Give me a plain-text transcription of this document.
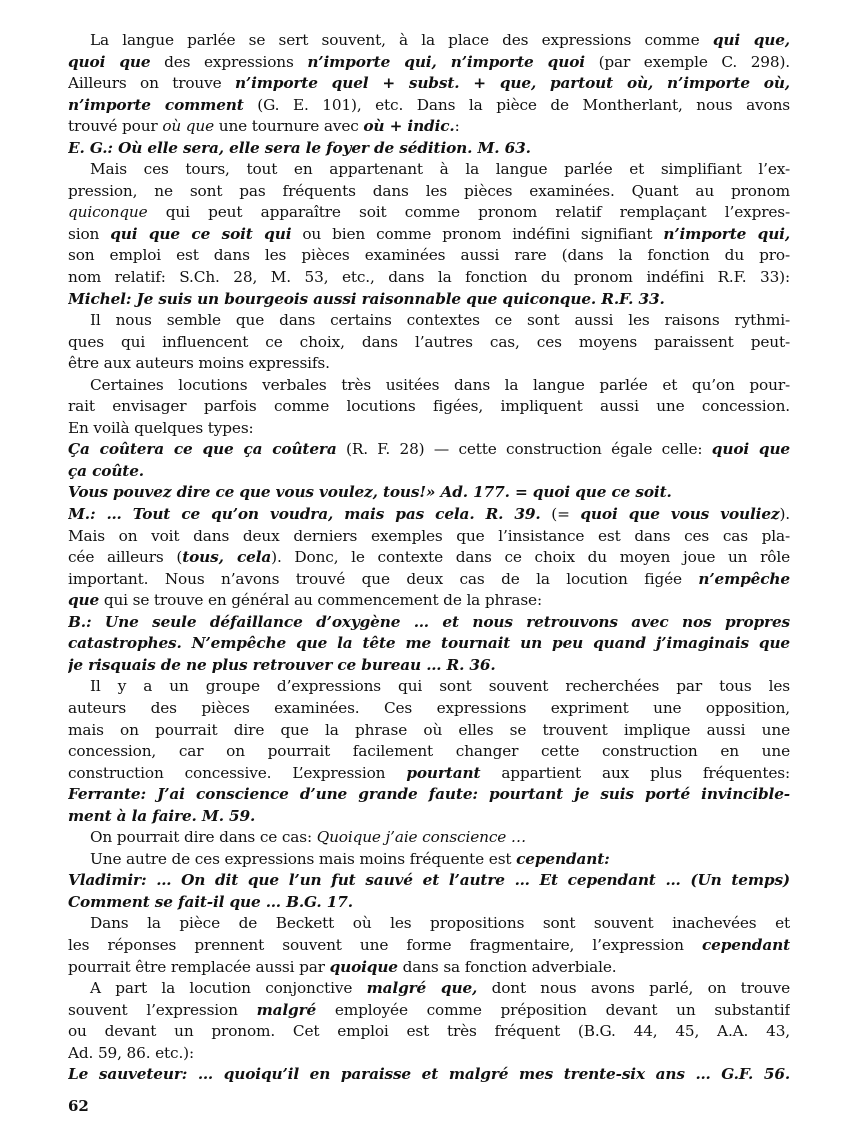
La langue parlée se sert souvent, à la place des expressions comme qui que,
quoi que des expressions n’importe qui, n’importe quoi (par exemple C. 298).
Ailleurs on trouve n’importe quel + subst. + que, partout où, n’importe où,
n’importe comment (G. E. 101), etc. Dans la pièce de Montherlant, nous avons
trouvé pour où que une tournure avec où + indic.:
E. G.: Où elle sera, elle sera le foyer de sédition. M. 63.
Mais ces tours, tout en appartenant à la langue parlée et simplifiant l’ex-
pression, ne sont pas fréquents dans les pièces examinées. Quant au pronom
quiconque qui peut apparaître soit comme pronom relatif remplaçant l’expres-
sion qui que ce soit qui ou bien comme pronom indéfini signifiant n’importe qui,
son emploi est dans les pièces examinées aussi rare (dans la fonction du pro-
nom relatif: S.Ch. 28, M. 53, etc., dans la fonction du pronom indéfini R.F. 33):
Michel: Je suis un bourgeois aussi raisonnable que quiconque. R.F. 33.
Il nous semble que dans certains contextes ce sont aussi les raisons rythmi-
ques qui influencent ce choix, dans l’autres cas, ces moyens paraissent peut-
être aux auteurs moins expressifs.
Certaines locutions verbales très usitées dans la langue parlée et qu’on pour-
rait envisager parfois comme locutions figées, impliquent aussi une concession.
En voilà quelques types:
Ça coûtera ce que ça coûtera (R. F. 28) — cette construction égale celle: quoi que
ça coûte.
Vous pouvez dire ce que vous voulez, tous!» Ad. 177. = quoi que ce soit.
M.: … Tout ce qu’on voudra, mais pas cela. R. 39. (= quoi que vous vouliez).
Mais on voit dans deux derniers exemples que l’insistance est dans ces cas pla-
cée ailleurs (tous, cela). Donc, le contexte dans ce choix du moyen joue un rôle
important. Nous n’avons trouvé que deux cas de la locution figée n’empêche
que qui se trouve en général au commencement de la phrase:
B.: Une seule défaillance d’oxygène … et nous retrouvons avec nos propres
catastrophes. N’empêche que la tête me tournait un peu quand j’imaginais que
je risquais de ne plus retrouver ce bureau … R. 36.
Il y a un groupe d’expressions qui sont souvent recherchées par tous les
auteurs des pièces examinées. Ces expressions expriment une opposition,
mais on pourrait dire que la phrase où elles se trouvent implique aussi une
concession, car on pourrait facilement changer cette construction en une
construction concessive. L’expression pourtant appartient aux plus fréquentes:
Ferrante: J’ai conscience d’une grande faute: pourtant je suis porté invincible-
ment à la faire. M. 59.
On pourrait dire dans ce cas: Quoique j’aie conscience …
Une autre de ces expressions mais moins fréquente est cependant:
Vladimir: … On dit que l’un fut sauvé et l’autre … Et cependant … (Un temps)
Comment se fait-il que … B.G. 17.
Dans la pièce de Beckett où les propositions sont souvent inachevées et
les réponses prennent souvent une forme fragmentaire, l’expression cependant
pourrait être remplacée aussi par quoique dans sa fonction adverbiale.
A part la locution conjonctive malgré que, dont nous avons parlé, on trouve
souvent l’expression malgré employée comme préposition devant un substantif
ou devant un pronom. Cet emploi est très fréquent (B.G. 44, 45, A.A. 43,
Ad. 59, 86. etc.):
Le sauveteur: … quoiqu’il en paraisse et malgré mes trente-six ans … G.F. 56.
62
